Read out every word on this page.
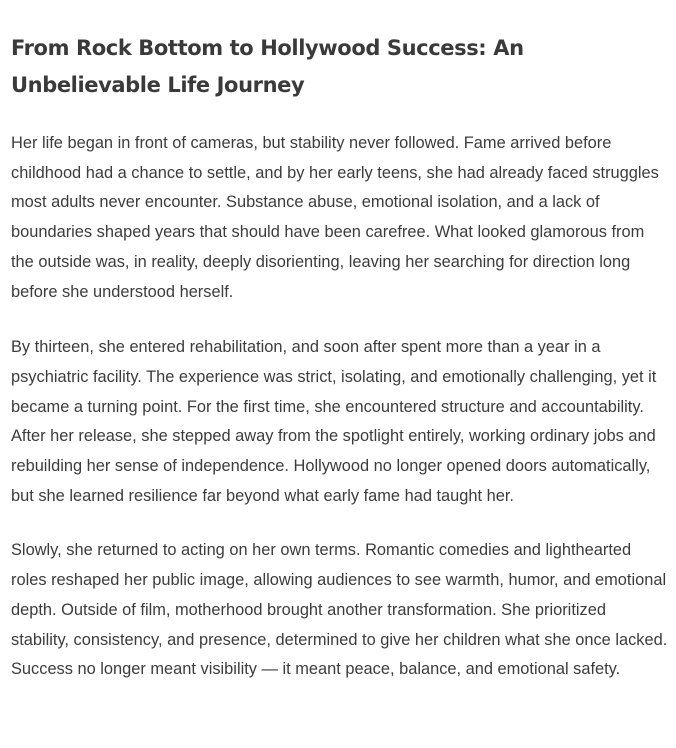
From Rock Bottom to Hollywood Success: An Unbelievable Life Journey

Her life began in front of cameras, but stability never followed. Fame arrived before childhood had a chance to settle, and by her early teens, she had already faced struggles most adults never encounter. Substance abuse, emotional isolation, and a lack of boundaries shaped years that should have been carefree. What looked glamorous from the outside was, in reality, deeply disorienting, leaving her searching for direction long before she understood herself.

By thirteen, she entered rehabilitation, and soon after spent more than a year in a psychiatric facility. The experience was strict, isolating, and emotionally challenging, yet it became a turning point. For the first time, she encountered structure and accountability. After her release, she stepped away from the spotlight entirely, working ordinary jobs and rebuilding her sense of independence. Hollywood no longer opened doors automatically, but she learned resilience far beyond what early fame had taught her.

Slowly, she returned to acting on her own terms. Romantic comedies and lighthearted roles reshaped her public image, allowing audiences to see warmth, humor, and emotional depth. Outside of film, motherhood brought another transformation. She prioritized stability, consistency, and presence, determined to give her children what she once lacked. Success no longer meant visibility — it meant peace, balance, and emotional safety.
